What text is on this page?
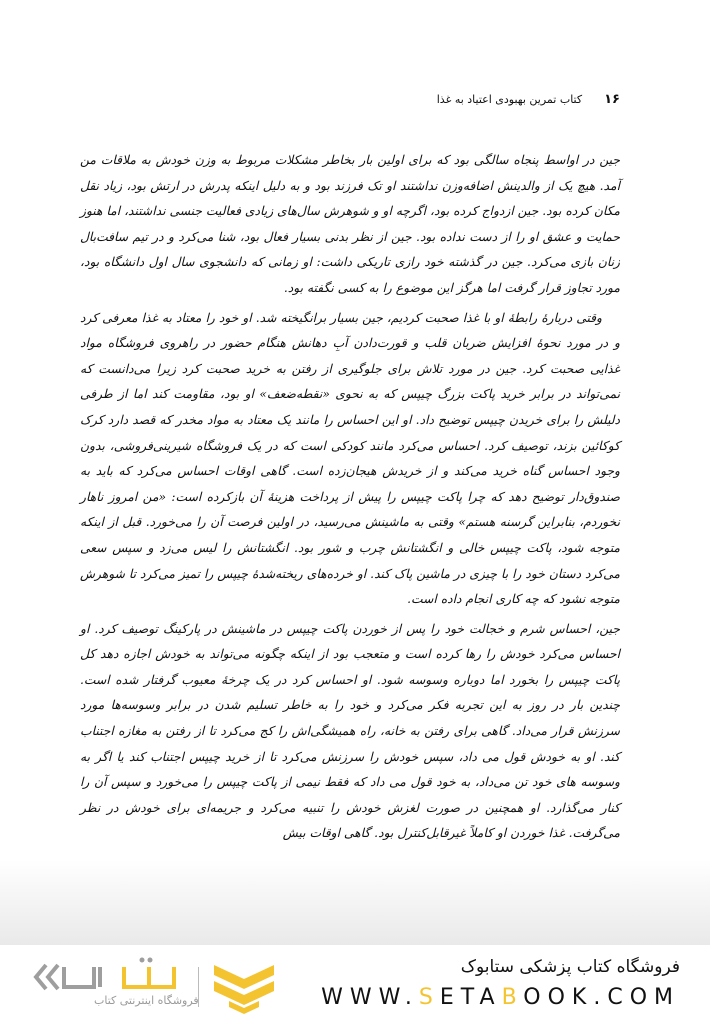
۱۶
کتاب تمرین بهبودی اعتیاد به غذا

جین در اواسط پنجاه سالگی بود که برای اولین بار بخاطر مشکلات مربوط به وزن خودش به ملاقات من آمد. هیچ یک از والدینش اضافه‌وزن نداشتند او تک فرزند بود و به دلیل اینکه پدرش در ارتش بود، زیاد نقل مکان کرده بود. جین ازدواج کرده بود، اگرچه او و شوهرش سال‌های زیادی فعالیت جنسی نداشتند، اما هنوز حمایت و عشق او را از دست نداده بود. جین از نظر بدنی بسیار فعال بود، شنا می‌کرد و در تیم سافت‌بال زنان بازی می‌کرد. جین در گذشته خود رازی تاریکی داشت: او زمانی که دانشجوی سال اول دانشگاه بود، مورد تجاوز قرار گرفت اما هرگز این موضوع را به کسی نگفته بود.

وقتی دربارهٔ رابطهٔ او با غذا صحبت کردیم، جین بسیار برانگیخته شد. او خود را معتاد به غذا معرفی کرد و در مورد نحوهٔ افزایش ضربان قلب و قورت‌دادن آبِ دهانش هنگام حضور در راهروی فروشگاه مواد غذایی صحبت کرد. جین در مورد تلاش برای جلوگیری از رفتن به خرید صحبت کرد زیرا می‌دانست که نمی‌تواند در برابر خرید پاکت بزرگ چیپس که به نحوی «نقطه‌ضعف» او بود، مقاومت کند اما از طرفی دلیلش را برای خریدن چیپس توضیح داد. او این احساس را مانند یک معتاد به مواد مخدر که قصد دارد کرک کوکائین بزند، توصیف کرد. احساس می‌کرد مانند کودکی است که در یک فروشگاه شیرینی‌فروشی، بدون وجود احساس گناه خرید می‌کند و از خریدش هیجان‌زده است. گاهی اوقات احساس می‌کرد که باید به صندوق‌دار توضیح دهد که چرا پاکت چیپس را پیش از پرداخت هزینهٔ آن بازکرده است: «من امروز ناهار نخوردم، بنابراین گرسنه هستم» وقتی به ماشینش می‌رسید، در اولین فرصت آن را می‌خورد. قبل از اینکه متوجه شود، پاکت چیپس خالی و انگشتانش چرب و شور بود. انگشتانش را لیس می‌زد و سپس سعی می‌کرد دستان خود را با چیزی در ماشین پاک کند. او خرده‌های ریخته‌شدهٔ چیپس را تمیز می‌کرد تا شوهرش متوجه نشود که چه کاری انجام داده است.

جین، احساس شرم و خجالت خود را پس از خوردن پاکت چیپس در ماشینش در پارکینگ توصیف کرد. او احساس می‌کرد خودش را رها کرده است و متعجب بود از اینکه چگونه می‌تواند به خودش اجازه دهد کل پاکت چیپس را بخورد اما دوباره وسوسه شود. او احساس کرد در یک چرخهٔ معیوب گرفتار شده است. چندین بار در روز به این تجربه فکر می‌کرد و خود را به خاطر تسلیم شدن در برابر وسوسه‌ها مورد سرزنش قرار می‌داد. گاهی برای رفتن به خانه، راه همیشگی‌اش را کج می‌کرد تا از رفتن به مغازه اجتناب کند. او به خودش قول می داد، سپس خودش را سرزنش می‌کرد تا از خرید چیپس اجتناب کند یا اگر به وسوسه های خود تن می‌داد، به خود قول می داد که فقط نیمی از پاکت چیپس را می‌خورد و سپس آن را کنار می‌گذارد. او همچنین در صورت لغزش خودش را تنبیه می‌کرد و جریمه‌ای برای خودش در نظر می‌گرفت. غذا خوردن او کاملاً غیرقابل‌کنترل بود. گاهی اوقات بیش

فروشگاه اینترنتی کتاب
فروشگاه کتاب پزشکی ستابوک
WWW.SETABOOK.COM
